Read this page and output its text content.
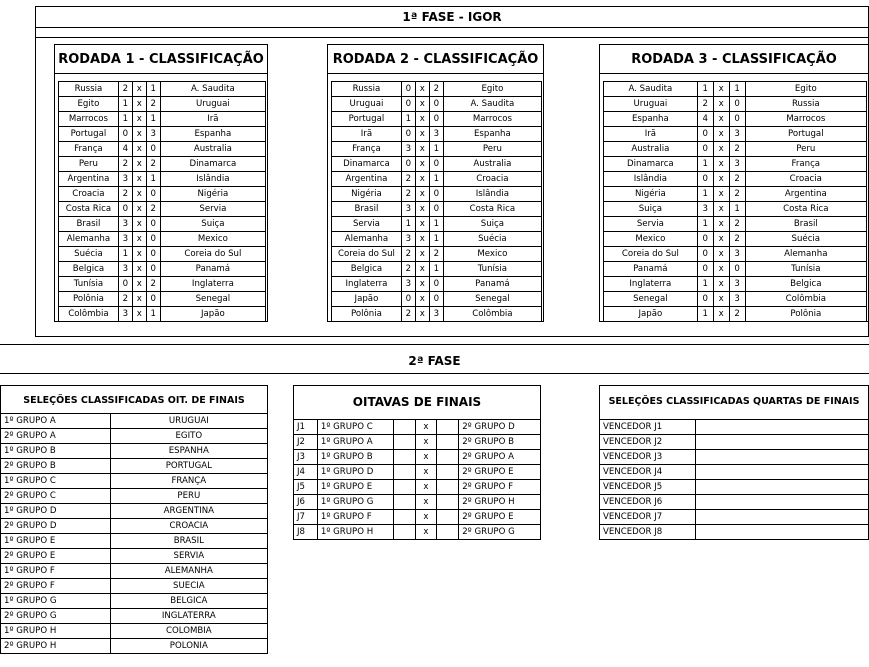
1ª FASE - IGOR
RODADA 1 - CLASSIFICAÇÃO
Russia	2	x	1	A. Saudita
Egito	1	x	2	Uruguai
Marrocos	1	x	1	Irã
Portugal	0	x	3	Espanha
França	4	x	0	Australia
Peru	2	x	2	Dinamarca
Argentina	3	x	1	Islândia
Croacia	2	x	0	Nigéria
Costa Rica	0	x	2	Servia
Brasil	3	x	0	Suiça
Alemanha	3	x	0	Mexico
Suécia	1	x	0	Coreia do Sul
Belgica	3	x	0	Panamá
Tunísia	0	x	2	Inglaterra
Polônia	2	x	0	Senegal
Colômbia	3	x	1	Japão
RODADA 2 - CLASSIFICAÇÃO
Russia	0	x	2	Egito
Uruguai	0	x	0	A. Saudita
Portugal	1	x	0	Marrocos
Irã	0	x	3	Espanha
França	3	x	1	Peru
Dinamarca	0	x	0	Australia
Argentina	2	x	1	Croacia
Nigéria	2	x	0	Islândia
Brasil	3	x	0	Costa Rica
Servia	1	x	1	Suiça
Alemanha	3	x	1	Suécia
Coreia do Sul	2	x	2	Mexico
Belgica	2	x	1	Tunísia
Inglaterra	3	x	0	Panamá
Japão	0	x	0	Senegal
Polônia	2	x	3	Colômbia
RODADA 3 - CLASSIFICAÇÃO
A. Saudita	1	x	1	Egito
Uruguai	2	x	0	Russia
Espanha	4	x	0	Marrocos
Irã	0	x	3	Portugal
Australia	0	x	2	Peru
Dinamarca	1	x	3	França
Islândia	0	x	2	Croacia
Nigéria	1	x	2	Argentina
Suiça	3	x	1	Costa Rica
Servia	1	x	2	Brasil
Mexico	0	x	2	Suécia
Coreia do Sul	0	x	3	Alemanha
Panamá	0	x	0	Tunísia
Inglaterra	1	x	3	Belgica
Senegal	0	x	3	Colômbia
Japão	1	x	2	Polônia
2ª FASE
SELEÇÕES CLASSIFICADAS OIT. DE FINAIS
1º GRUPO A	URUGUAI
2º GRUPO A	EGITO
1º GRUPO B	ESPANHA
2º GRUPO B	PORTUGAL
1º GRUPO C	FRANÇA
2º GRUPO C	PERU
1º GRUPO D	ARGENTINA
2º GRUPO D	CROACIA
1º GRUPO E	BRASIL
2º GRUPO E	SERVIA
1º GRUPO F	ALEMANHA
2º GRUPO F	SUECIA
1º GRUPO G	BELGICA
2º GRUPO G	INGLATERRA
1º GRUPO H	COLOMBIA
2º GRUPO H	POLONIA
OITAVAS DE FINAIS
J1	1º GRUPO C		x		2º GRUPO D
J2	1º GRUPO A		x		2º GRUPO B
J3	1º GRUPO B		x		2º GRUPO A
J4	1º GRUPO D		x		2º GRUPO E
J5	1º GRUPO E		x		2º GRUPO F
J6	1º GRUPO G		x		2º GRUPO H
J7	1º GRUPO F		x		2º GRUPO E
J8	1º GRUPO H		x		2º GRUPO G
SELEÇÕES CLASSIFICADAS QUARTAS DE FINAIS
VENCEDOR J1	
VENCEDOR J2	
VENCEDOR J3	
VENCEDOR J4	
VENCEDOR J5	
VENCEDOR J6	
VENCEDOR J7	
VENCEDOR J8	
